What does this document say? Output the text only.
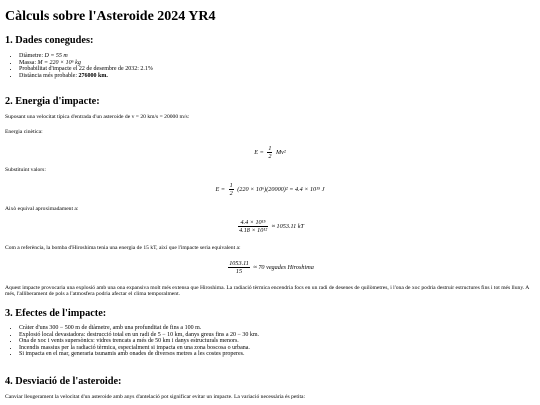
Càlculs sobre l'Asteroide 2024 YR4
1. Dades conegudes:
• Diàmetre: D = 55 m
• Massa: M = 220 × 10⁶ kg
• Probabilitat d'impacte el 22 de desembre de 2032: 2.1%
• Distància més probable: 276000 km.
2. Energia d'impacte:

Suposant una velocitat típica d'entrada d'un asteroide de v = 20 km/s = 20000 m/s:

Energia cinètica:

$E = \frac{1}{2} Mv^2$

Substituint valors:

$E = \frac{1}{2} (220 \times 10^6)(20000)^2 = 4.4 \times 10^{15}$ J

Això equival aproximadament a:

$\frac{\text{4.4 × 10¹⁵}}{\text{4.18 × 10¹²}} \approx 1053.11$ kT

Com a referència, la bomba d'Hiroshima tenia una energia de 15 kT, així que l'impacte seria equivalent a:

$\frac{1053.11}{15} \approx 70$ vegades Hiroshima

Aquest impacte provocaria una explosió amb una ona expansiva molt més extensa que Hiroshima. La radiació tèrmica encendria focs en un radi de desenes de quilòmetres, i l'ona de xoc podria destruir estructures fins i tot més lluny. A més, l'alliberament de pols a l'atmosfera podria afectar el clima temporalment.

3. Efectes de l'impacte:
• Cràter d'uns 300 − 500 m de diàmetre, amb una profunditat de fins a 100 m.
• Explosió local devastadora: destrucció total en un radi de 5 − 10 km, danys greus fins a 20 − 30 km.
• Ona de xoc i vents supersònics: vidres trencats a més de 50 km i danys estructurals menors.
• Incendis massius per la radiació tèrmica, especialment si impacta en una zona boscosa o urbana.
• Si impacta en el mar, generaria tsunamis amb onades de diversos metres a les costes properes.
4. Desviació de l'asteroide:

Canviar lleugerament la velocitat d'un asteroide amb anys d'antelació pot significar evitar un impacte. La variació necessària és petita:
